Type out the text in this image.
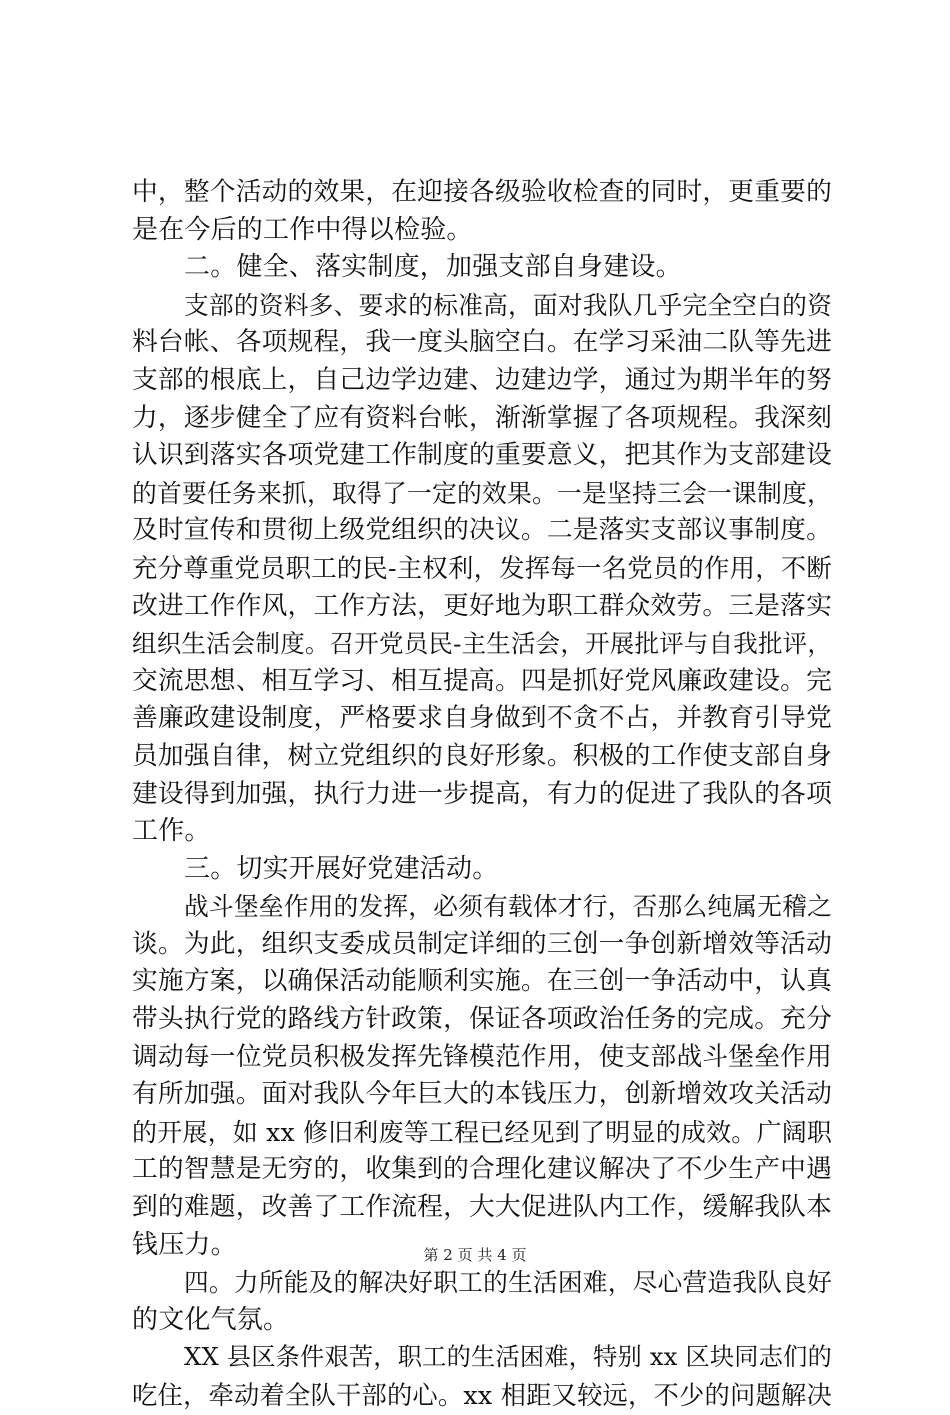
中，整个活动的效果，在迎接各级验收检查的同时，更重要的
是在今后的工作中得以检验。
二。健全、落实制度，加强支部自身建设。
支部的资料多、要求的标准高，面对我队几乎完全空白的资
料台帐、各项规程，我一度头脑空白。在学习采油二队等先进
支部的根底上，自己边学边建、边建边学，通过为期半年的努
力，逐步健全了应有资料台帐，渐渐掌握了各项规程。我深刻
认识到落实各项党建工作制度的重要意义，把其作为支部建设
的首要任务来抓，取得了一定的效果。一是坚持三会一课制度，
及时宣传和贯彻上级党组织的决议。二是落实支部议事制度。
充分尊重党员职工的民-主权利，发挥每一名党员的作用，不断
改进工作作风，工作方法，更好地为职工群众效劳。三是落实
组织生活会制度。召开党员民-主生活会，开展批评与自我批评，
交流思想、相互学习、相互提高。四是抓好党风廉政建设。完
善廉政建设制度，严格要求自身做到不贪不占，并教育引导党
员加强自律，树立党组织的良好形象。积极的工作使支部自身
建设得到加强，执行力进一步提高，有力的促进了我队的各项
工作。
三。切实开展好党建活动。
战斗堡垒作用的发挥，必须有载体才行，否那么纯属无稽之
谈。为此，组织支委成员制定详细的三创一争创新增效等活动
实施方案，以确保活动能顺利实施。在三创一争活动中，认真
带头执行党的路线方针政策，保证各项政治任务的完成。充分
调动每一位党员积极发挥先锋模范作用，使支部战斗堡垒作用
有所加强。面对我队今年巨大的本钱压力，创新增效攻关活动
的开展，如 xx 修旧利废等工程已经见到了明显的成效。广阔职
工的智慧是无穷的，收集到的合理化建议解决了不少生产中遇
到的难题，改善了工作流程，大大促进队内工作，缓解我队本
钱压力。
四。力所能及的解决好职工的生活困难，尽心营造我队良好
的文化气氛。
XX 县区条件艰苦，职工的生活困难，特别 xx 区块同志们的
吃住，牵动着全队干部的心。xx 相距又较远，不少的问题解决
第 2 页 共 4 页
